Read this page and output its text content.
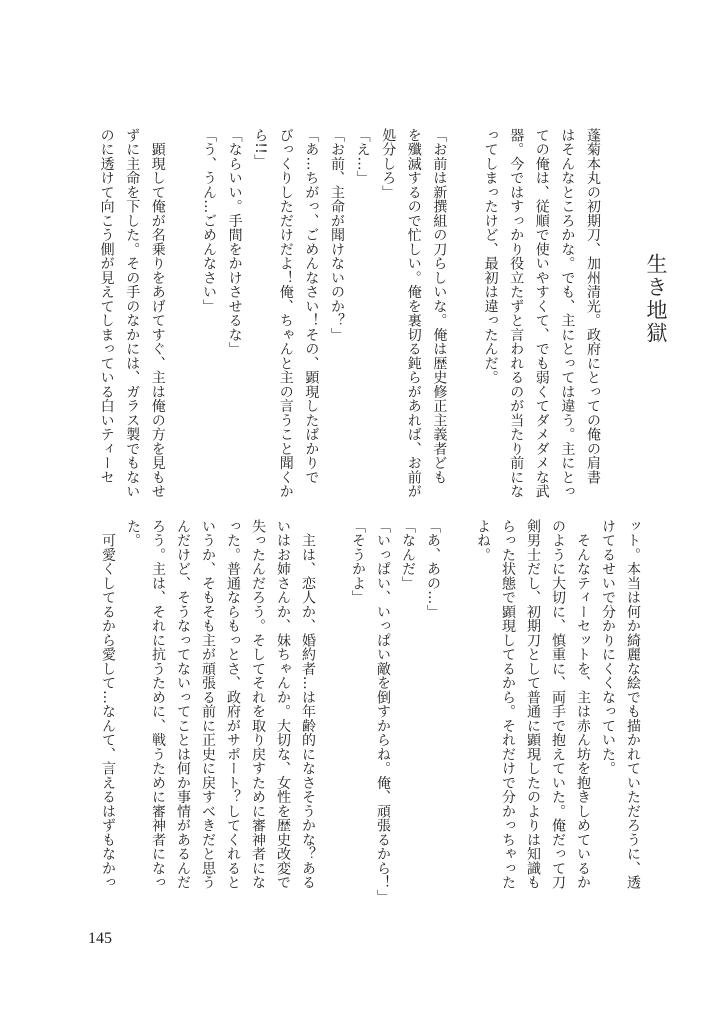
生き地獄
蓬菊本丸の初期刀、加州清光。政府にとっての俺の肩書
はそんなところかな。でも、主にとっては違う。主にとっ
ての俺は、従順で使いやすくて、でも弱くてダメダメな武
器。今ではすっかり役立たずと言われるのが当たり前にな
ってしまったけど、最初は違ったんだ。
「お前は新撰組の刀らしいな。俺は歴史修正主義者ども
を殲滅するので忙しい。俺を裏切る鈍らがあれば、お前が
処分しろ」
「え…」
「お前、主命が聞けないのか？」
「あ…ちがっ、ごめんなさい！その、顕現したばかりで
びっくりしただけだよ！俺、ちゃんと主の言うこと聞くか
ら!!」
「ならいい。手間をかけさせるな」
「う、うん…ごめんなさい」
　顕現して俺が名乗りをあげてすぐ、主は俺の方を見もせ
ずに主命を下した。その手のなかには、ガラス製でもない
のに透けて向こう側が見えてしまっている白いティーセ
ット。本当は何か綺麗な絵でも描かれていただろうに、透
けてるせいで分かりにくくなっていた。
　そんなティーセットを、主は赤ん坊を抱きしめているか
のように大切に、慎重に、両手で抱えていた。俺だって刀
剣男士だし、初期刀として普通に顕現したのよりは知識も
らった状態で顕現してるから。それだけで分かっちゃった
よね。
「あ、あの…」
「なんだ」
「いっぱい、いっぱい敵を倒すからね。俺、頑張るから！」
「そうかよ」
　主は、恋人か、婚約者…は年齢的になさそうかな？ある
いはお姉さんか、妹ちゃんか。大切な、女性を歴史改変で
失ったんだろう。そしてそれを取り戻すために審神者にな
った。普通ならもっとさ、政府がサポート？してくれると
いうか、そもそも主が頑張る前に正史に戻すべきだと思う
んだけど、そうなってないってことは何か事情があるんだ
ろう。主は、それに抗うために、戦うために審神者になっ
た。
　可愛くしてるから愛して…なんて、言えるはずもなかっ
145
